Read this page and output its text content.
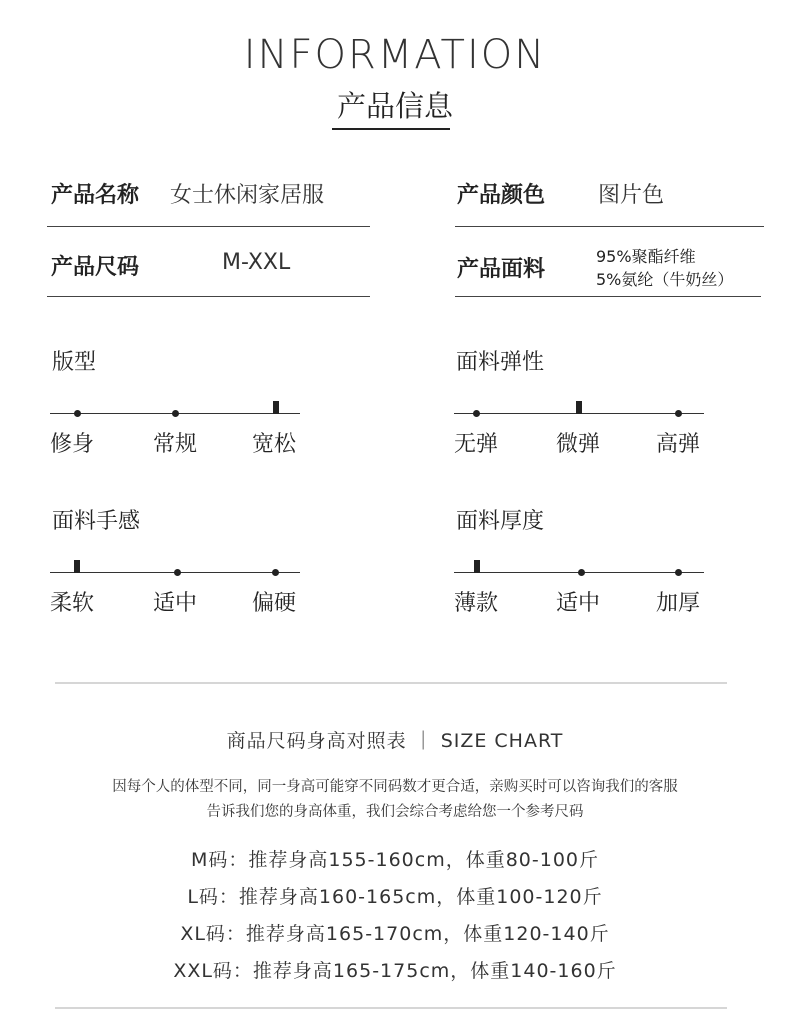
INFORMATION
产品信息
产品名称 女士休闲家居服	产品颜色 图片色
产品尺码	M-XXL	产品面料
95%聚酯纤维
5%氨纶（牛奶丝）
版型
修身	常规 宽松
面料弹性
无弹	微弹	高弹
面料手感
柔软	适中 偏硬
面料厚度
薄款	适中	加厚
商品尺码身高对照表 ｜ SIZE CHART
因每个人的体型不同，同一身高可能穿不同码数才更合适，亲购买时可以咨询我们的客服
告诉我们您的身高体重，我们会综合考虑给您一个参考尺码
M码：推荐身高155-160cm，体重80-100斤
L码：推荐身高160-165cm，体重100-120斤
XL码：推荐身高165-170cm，体重120-140斤
XXL码：推荐身高165-175cm，体重140-160斤
